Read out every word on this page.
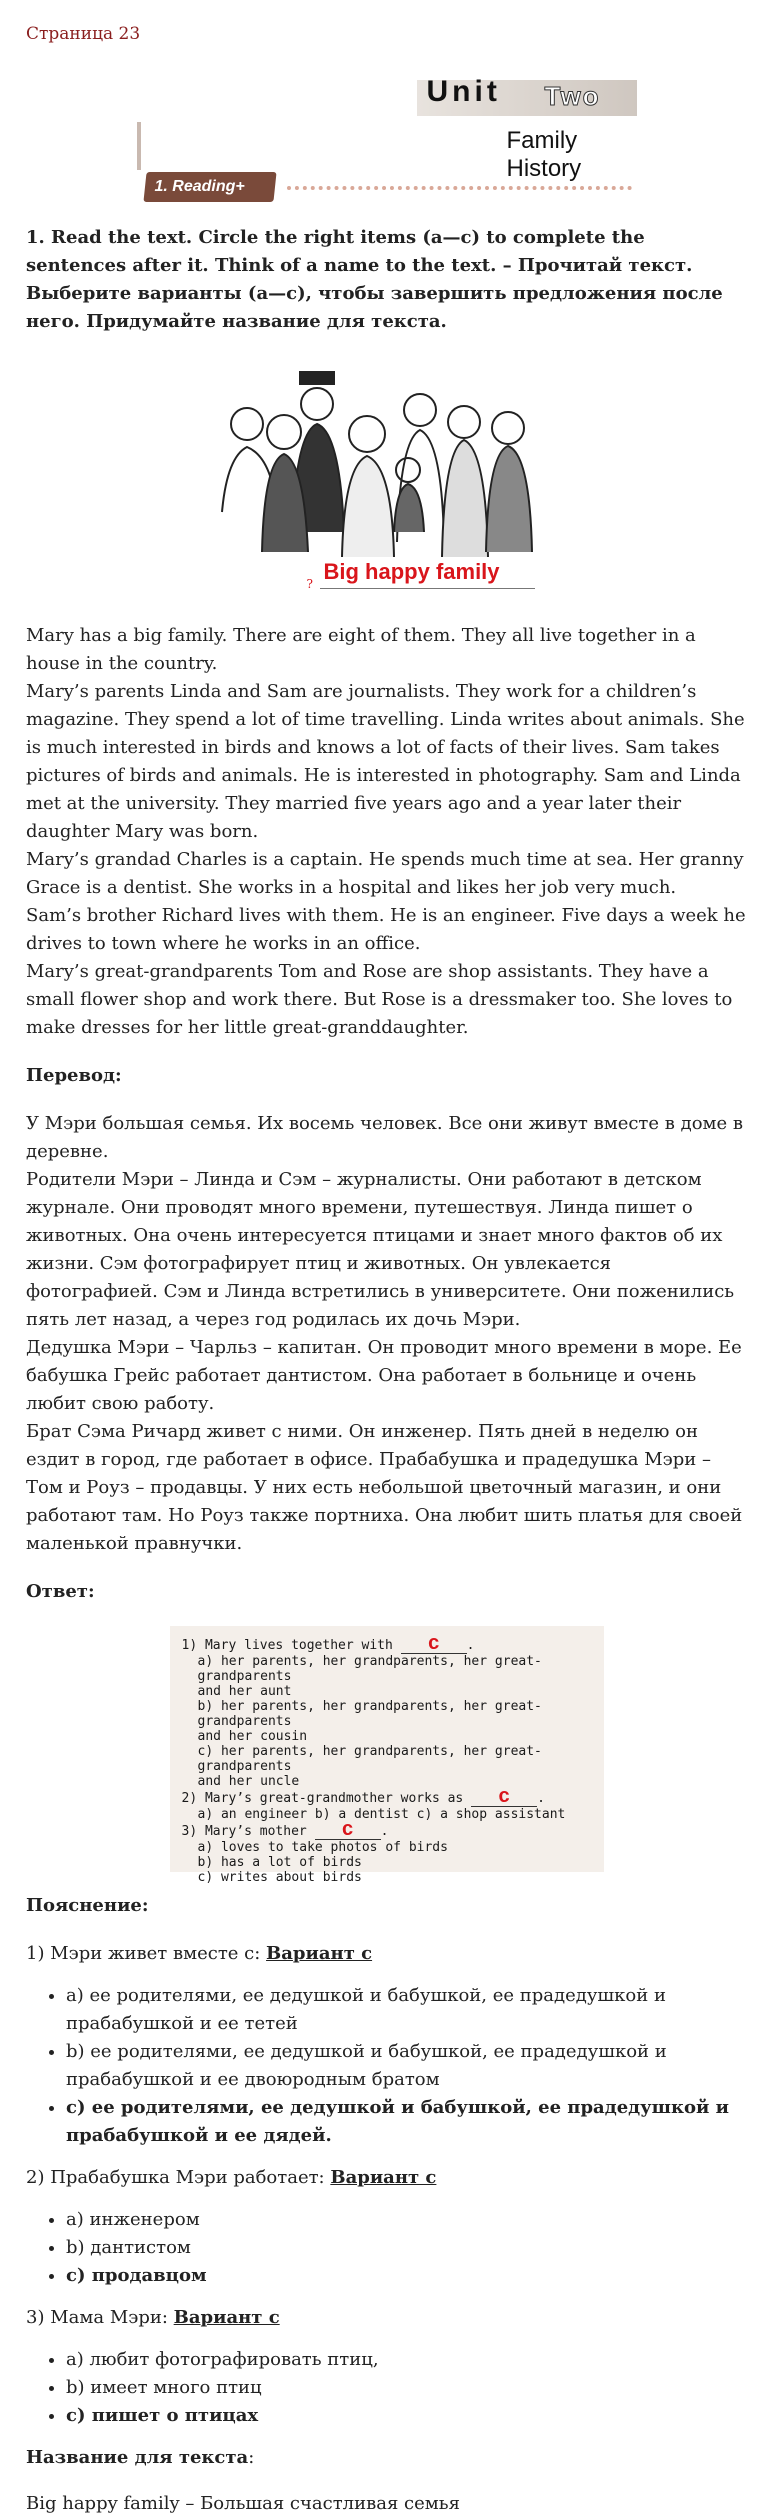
Страница 23

Unit Two
Family History
1. Reading+

1. Read the text. Circle the right items (a—c) to complete the sentences after it. Think of a name to the text. – Прочитай текст. Выберите варианты (a—c), чтобы завершить предложения после него. Придумайте название для текста.

? Big happy family

Mary has a big family. There are eight of them. They all live together in a house in the country.

Mary’s parents Linda and Sam are journalists. They work for a children’s magazine. They spend a lot of time travelling. Linda writes about animals. She is much interested in birds and knows a lot of facts of their lives. Sam takes pictures of birds and animals. He is interested in photography. Sam and Linda met at the university. They married five years ago and a year later their daughter Mary was born.

Mary’s grandad Charles is a captain. He spends much time at sea. Her granny Grace is a dentist. She works in a hospital and likes her job very much.

Sam’s brother Richard lives with them. He is an engineer. Five days a week he drives to town where he works in an office.

Mary’s great-grandparents Tom and Rose are shop assistants. They have a small flower shop and work there. But Rose is a dressmaker too. She loves to make dresses for her little great-granddaughter.

Перевод:

У Мэри большая семья. Их восемь человек. Все они живут вместе в доме в деревне.

Родители Мэри – Линда и Сэм – журналисты. Они работают в детском журнале. Они проводят много времени, путешествуя. Линда пишет о животных. Она очень интересуется птицами и знает много фактов об их жизни. Сэм фотографирует птиц и животных. Он увлекается фотографией. Сэм и Линда встретились в университете. Они поженились пять лет назад, а через год родилась их дочь Мэри.

Дедушка Мэри – Чарльз – капитан. Он проводит много времени в море. Ее бабушка Грейс работает дантистом. Она работает в больнице и очень любит свою работу.

Брат Сэма Ричард живет с ними. Он инженер. Пять дней в неделю он ездит в город, где работает в офисе. Прабабушка и прадедушка Мэри – Том и Роуз – продавцы. У них есть небольшой цветочный магазин, и они работают там. Но Роуз также портниха. Она любит шить платья для своей маленькой правнучки.

Ответ:

1) Mary lives together with c .

a) her parents, her grandparents, her great-grandparents

and her aunt

b) her parents, her grandparents, her great-grandparents

and her cousin

c) her parents, her grandparents, her great-grandparents

and her uncle

2) Mary’s great-grandmother works as c .

a) an engineer b) a dentist c) a shop assistant

3) Mary’s mother c .

a) loves to take photos of birds

b) has a lot of birds

c) writes about birds

Пояснение:

1) Мэри живет вместе с: Вариант с

• a) ее родителями, ее дедушкой и бабушкой, ее прадедушкой и прабабушкой и ее тетей
• b) ее родителями, ее дедушкой и бабушкой, ее прадедушкой и прабабушкой и ее двоюродным братом
• c) ее родителями, ее дедушкой и бабушкой, ее прадедушкой и прабабушкой и ее дядей.

2) Прабабушка Мэри работает: Вариант с

• a) инженером
• b) дантистом
• c) продавцом

3) Мама Мэри: Вариант с

• a) любит фотографировать птиц,
• b) имеет много птиц
• c) пишет о птицах

Название для текста:

Big happy family – Большая счастливая семья
